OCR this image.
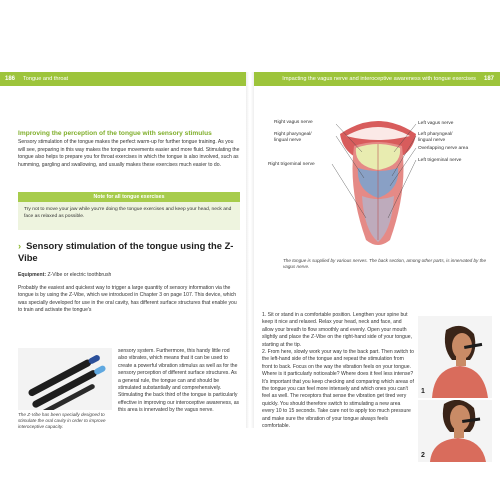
186 Tongue and throat	Impacting the vagus nerve and interoceptive awareness with tongue exercises 187
Improving the perception of the tongue with sensory stimulus
Sensory stimulation of the tongue makes the perfect warm-up for further tongue training. As you will see, preparing in this way makes the tongue movements easier and more fluid. Stimulating the tongue also helps to prepare you for throat exercises in which the tongue is also involved, such as humming, gargling and swallowing, and usually makes these exercises much easier to do.
Note for all tongue exercises
Try not to move your jaw while you're doing the tongue exercises and keep your head, neck and face as relaxed as possible.
› Sensory stimulation of the tongue using the Z-Vibe
Equipment: Z-Vibe or electric toothbrush
Probably the easiest and quickest way to trigger a large quantity of sensory information via the tongue is by using the Z-Vibe, which we introduced in Chapter 3 on page 107. This device, which was specially developed for use in the oral cavity, has different surface structures that enable you to train and activate the tongue's
The Z-Vibe has been specially designed to stimulate the oral cavity in order to improve interoceptive capacity.
sensory system. Furthermore, this handy little rod also vibrates, which means that it can be used to create a powerful vibration stimulus as well as for the sensory perception of different surface structures. As a general rule, the tongue can and should be stimulated substantially and comprehensively. Stimulating the back third of the tongue is particularly effective in improving our interoceptive awareness, as this area is innervated by the vagus nerve.
Right vagus nerve
Right pharyngeal/
lingual nerve
Right trigeminal nerve
Left vagus nerve
Left pharyngeal/
lingual nerve
Overlapping nerve area
Left trigeminal nerve
The tongue is supplied by various nerves. The back section, among other parts, is innervated by the vagus nerve.

1. Sit or stand in a comfortable position. Lengthen your spine but keep it nice and relaxed. Relax your head, neck and face, and allow your breath to flow smoothly and evenly. Open your mouth slightly and place the Z-Vibe on the right-hand side of your tongue, starting at the tip.

2. From here, slowly work your way to the back part. Then switch to the left-hand side of the tongue and repeat the stimulation from front to back. Focus on the way the vibration feels on your tongue. Where is it particularly noticeable? Where does it feel less intense? It's important that you keep checking and comparing which areas of the tongue you can feel more intensely and which ones you can't feel as well. The receptors that sense the vibration get tired very quickly. You should therefore switch to stimulating a new area every 10 to 15 seconds. Take care not to apply too much pressure and make sure the vibration of your tongue always feels comfortable.

1
2
